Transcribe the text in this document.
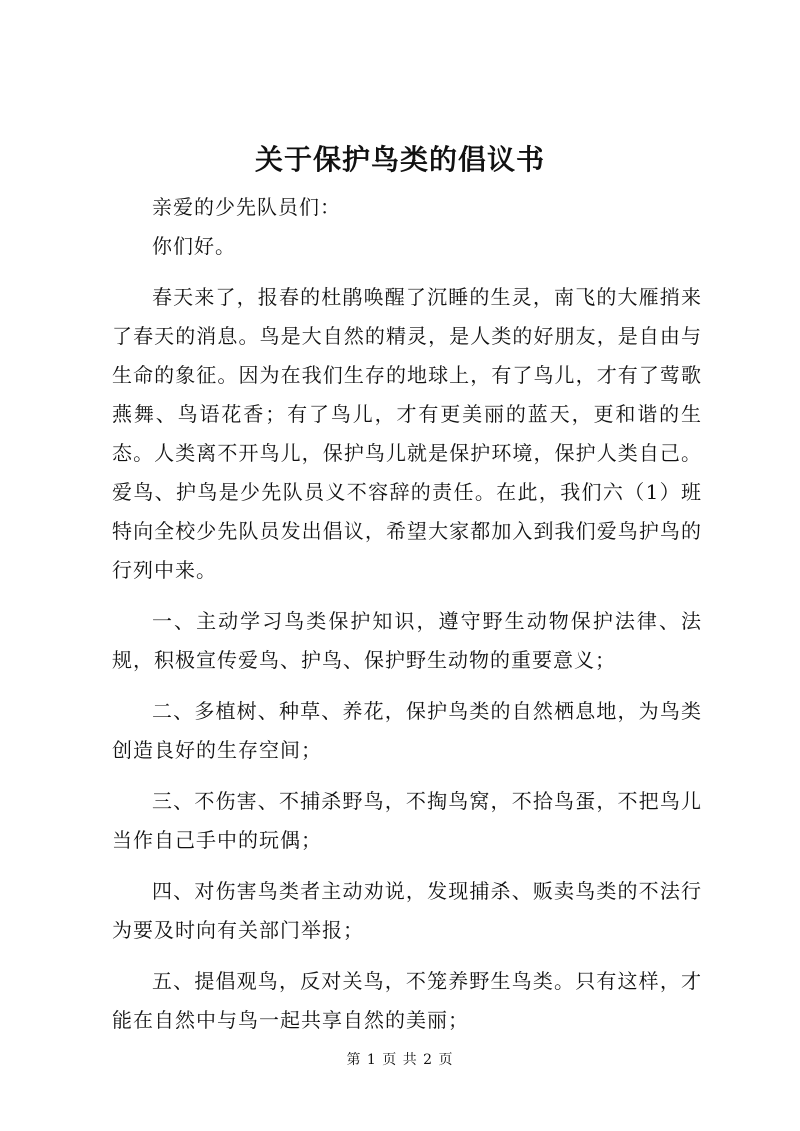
关于保护鸟类的倡议书

亲爱的少先队员们：

你们好。

春天来了，报春的杜鹃唤醒了沉睡的生灵，南飞的大雁捎来了春天的消息。鸟是大自然的精灵，是人类的好朋友，是自由与生命的象征。因为在我们生存的地球上，有了鸟儿，才有了莺歌燕舞、鸟语花香；有了鸟儿，才有更美丽的蓝天，更和谐的生态。人类离不开鸟儿，保护鸟儿就是保护环境，保护人类自己。爱鸟、护鸟是少先队员义不容辞的责任。在此，我们六（1）班特向全校少先队员发出倡议，希望大家都加入到我们爱鸟护鸟的行列中来。

一、主动学习鸟类保护知识，遵守野生动物保护法律、法规，积极宣传爱鸟、护鸟、保护野生动物的重要意义；

二、多植树、种草、养花，保护鸟类的自然栖息地，为鸟类创造良好的生存空间；

三、不伤害、不捕杀野鸟，不掏鸟窝，不拾鸟蛋，不把鸟儿当作自己手中的玩偶；

四、对伤害鸟类者主动劝说，发现捕杀、贩卖鸟类的不法行为要及时向有关部门举报；

五、提倡观鸟，反对关鸟，不笼养野生鸟类。只有这样，才能在自然中与鸟一起共享自然的美丽；

第 1 页 共 2 页
